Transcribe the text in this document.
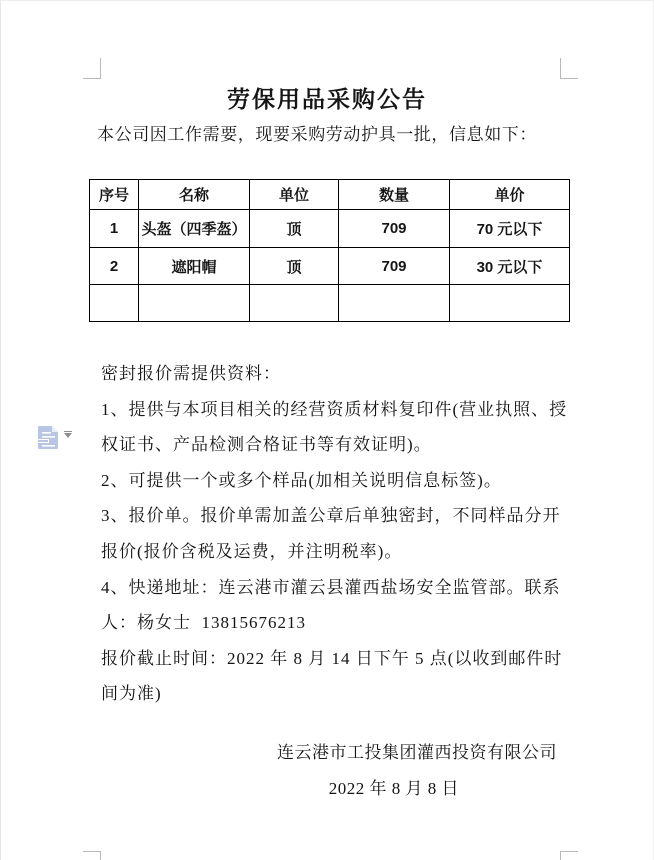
劳保用品采购公告
本公司因工作需要，现要采购劳动护具一批，信息如下：
序号	名称	单位	数量	单价
1	头盔（四季盔）	顶	709	70 元以下
2	遮阳帽	顶	709	30 元以下

密封报价需提供资料：
1、提供与本项目相关的经营资质材料复印件(营业执照、授
权证书、产品检测合格证书等有效证明)。
2、可提供一个或多个样品(加相关说明信息标签)。
3、报价单。报价单需加盖公章后单独密封，不同样品分开
报价(报价含税及运费，并注明税率)。
4、快递地址：连云港市灌云县灌西盐场安全监管部。联系
人：杨女士  13815676213
报价截止时间：2022 年 8 月 14 日下午 5 点(以收到邮件时
间为准)
连云港市工投集团灌西投资有限公司
2022 年 8 月 8 日
